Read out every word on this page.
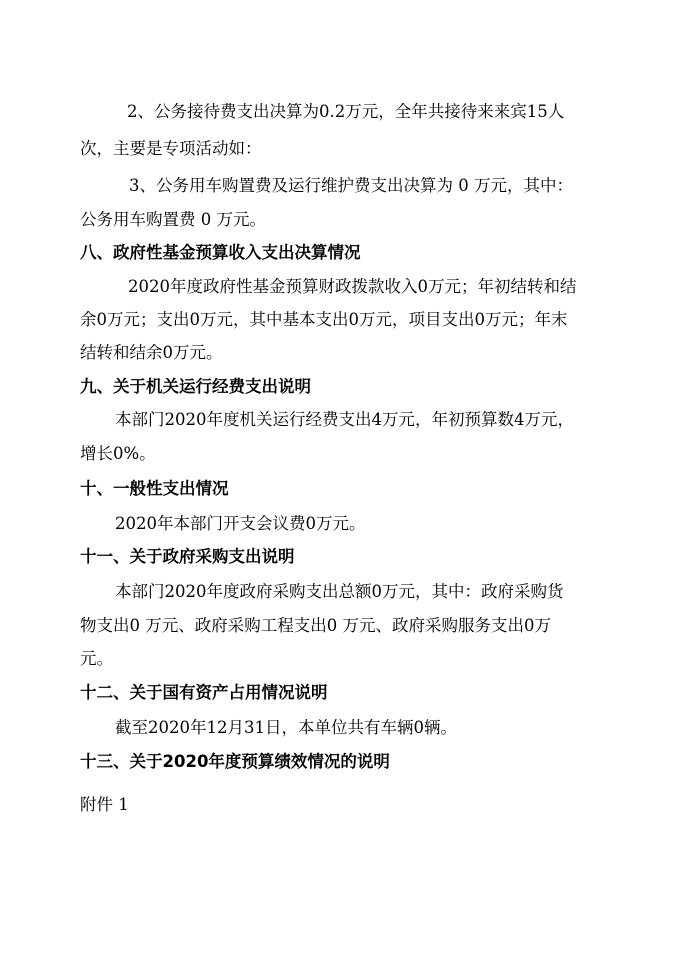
2、公务接待费支出决算为0.2万元，全年共接待来来宾15人
次，主要是专项活动如：
3、公务用车购置费及运行维护费支出决算为 0 万元，其中：
公务用车购置费 0 万元。
八、政府性基金预算收入支出决算情况
2020年度政府性基金预算财政拨款收入0万元；年初结转和结
余0万元；支出0万元，其中基本支出0万元，项目支出0万元；年末
结转和结余0万元。
九、关于机关运行经费支出说明
本部门2020年度机关运行经费支出4万元，年初预算数4万元，
增长0%。
十、一般性支出情况
2020年本部门开支会议费0万元。
十一、关于政府采购支出说明
本部门2020年度政府采购支出总额0万元，其中：政府采购货
物支出0 万元、政府采购工程支出0 万元、政府采购服务支出0万
元。
十二、关于国有资产占用情况说明
截至2020年12月31日，本单位共有车辆0辆。
十三、关于2020年度预算绩效情况的说明
附件 1
